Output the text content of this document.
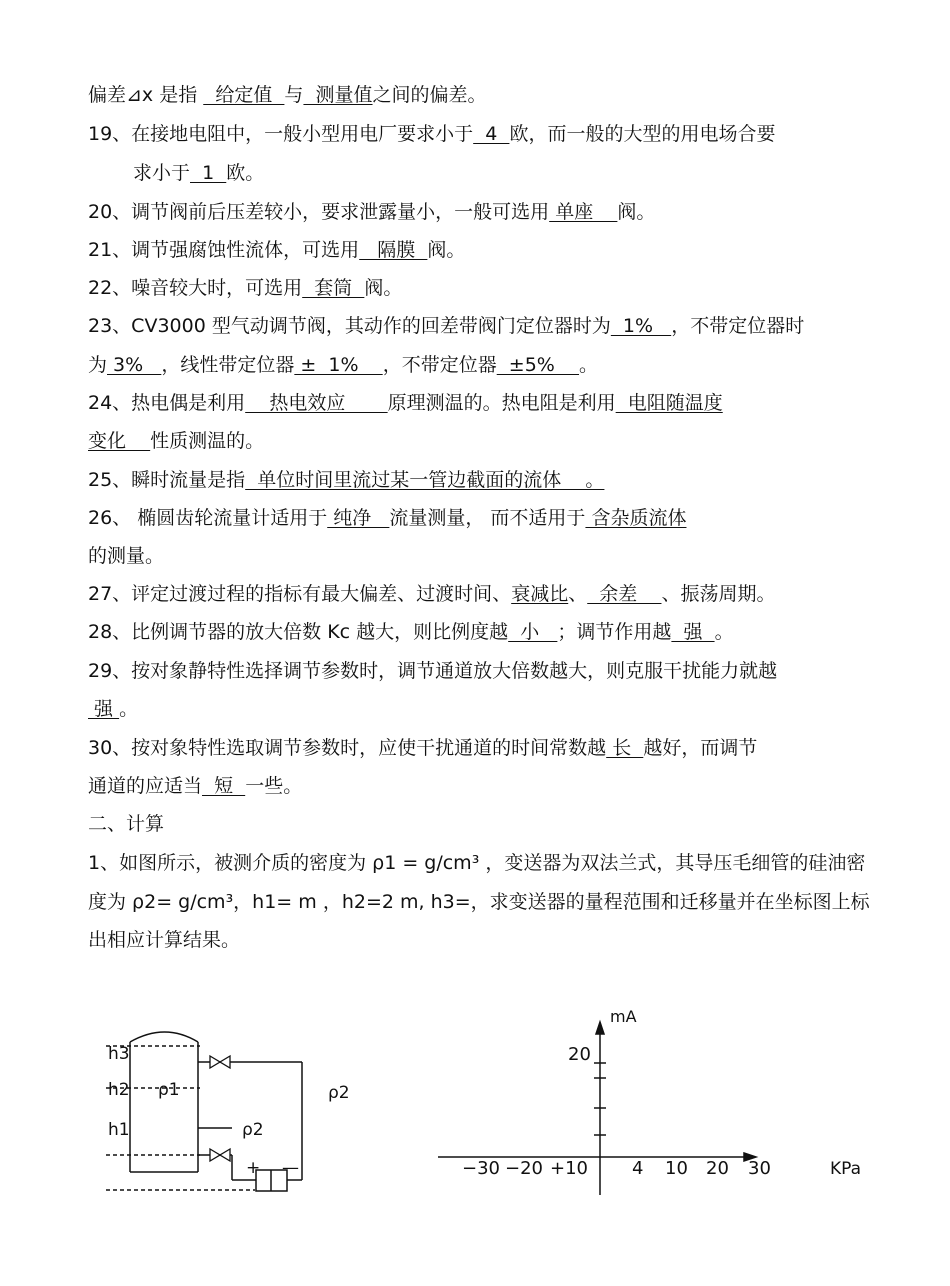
偏差⊿x 是指   给定值  与  测量值之间的偏差。
19、在接地电阻中，一般小型用电厂要求小于  4  欧，而一般的大型的用电场合要
求小于  1  欧。
20、调节阀前后压差较小，要求泄露量小，一般可选用 单座    阀。
21、调节强腐蚀性流体，可选用   隔膜  阀。
22、噪音较大时，可选用  套筒  阀。
23、CV3000 型气动调节阀，其动作的回差带阀门定位器时为  1%   ，不带定位器时
为 3%   ，线性带定位器 ±  1%    ，不带定位器  ±5%    。
24、热电偶是利用    热电效应       原理测温的。热电阻是利用  电阻随温度
变化    性质测温的。
25、瞬时流量是指  单位时间里流过某一管边截面的流体    。
26、 椭圆齿轮流量计适用于 纯净   流量测量， 而不适用于 含杂质流体
的测量。
27、评定过渡过程的指标有最大偏差、过渡时间、衰减比、  余差    、振荡周期。
28、比例调节器的放大倍数 Kc 越大，则比例度越  小   ；调节作用越  强  。
29、按对象静特性选择调节参数时，调节通道放大倍数越大，则克服干扰能力就越
强 。
30、按对象特性选取调节参数时，应使干扰通道的时间常数越 长  越好，而调节
通道的应适当  短  一些。
二、计算
1、如图所示，被测介质的密度为 ρ1 = g/cm³ ，变送器为双法兰式，其导压毛细管的硅油密
度为 ρ2= g/cm³，h1= m ，h2=2 m, h3=，求变送器的量程范围和迁移量并在坐标图上标
出相应计算结果。
h3
h2 ρ1
h1	ρ2
ρ2
+ —
mA
20
KPa
−30 −20 +10 4 10 20 30
